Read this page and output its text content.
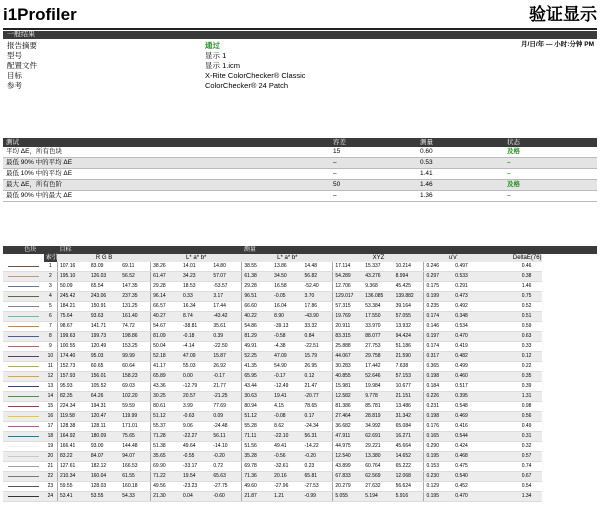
i1Profiler	验证显示
一般结果
月/日/年 — 小时:分钟 PM
报告摘要	通过
型号	显示 1
配置文件	显示 1.icm
目标	X-Rite ColorChecker® Classic
参考	ColorChecker® 24 Patch
测试	容差	测量	状态
平均 ΔE，所有色块	15	0.60	及格
最低 90% 中的平均 ΔE	–	0.53	–
最低 10% 中的平均 ΔE	–	1.41	–
最大 ΔE，所有色阶	50	1.46	及格
最低 90% 中的最大 ΔE	–	1.36	–
色块		目标						测量									
	索引	R G B			L* a* b*			L* a* b*			XYZ			u'v'			DeltaE(76)

	1	107.16	83.09	69.11	38.26	14.01	14.80	38.55	13.86	14.48	17.114	15.337	10.214	0.246	0.497		0.46

	2	195.10	126.03	56.52	61.47	34.23	57.07	61.38	34.50	56.82	54.289	43.276	8.994	0.297	0.533		0.38

	3	50.09	65.54	147.35	29.28	18.53	-53.57	29.28	16.58	-52.40	12.706	9.368	45.425	0.175	0.291		1.46

	4	245.42	243.06	237.35	96.14	0.33	3.17	96.51	-0.05	3.70	129.017	136.085	139.882	0.199	0.473		0.75

	5	184.21	150.91	131.25	66.57	16.34	17.44	66.60	16.04	17.86	57.315	53.384	39.164	0.235	0.492		0.52

	6	75.64	93.63	161.40	40.27	8.74	-43.42	40.22	8.90	-43.90	19.769	17.550	57.055	0.174	0.348		0.51

	7	98.67	141.71	74.72	54.67	-38.81	35.61	54.86	-39.13	33.32	20.911	33.970	13.932	0.146	0.534		0.59

	8	199.63	199.73	198.86	81.09	-0.18	0.39	81.29	-0.58	0.84	83.315	88.077	94.424	0.197	0.470		0.63

	9	100.55	120.49	153.25	50.04	-4.14	-22.50	49.91	-4.38	-22.51	25.888	27.753	51.186	0.174	0.419		0.33

	10	174.40	95.03	99.99	52.18	47.09	15.87	52.25	47.09	15.79	44.067	29.758	21.590	0.317	0.482		0.12

	11	152.73	60.65	60.64	41.17	55.03	26.92	41.35	54.90	26.95	30.283	17.442	7.638	0.365	0.499		0.22

	12	157.93	156.01	158.23	65.89	0.00	-0.17	65.95	-0.17	0.12	40.855	52.646	57.153	0.198	0.460		0.35

	13	95.93	105.52	69.03	43.36	-12.79	21.77	43.44	-12.49	21.47	15.981	19.984	10.677	0.184	0.517		0.39

	14	82.35	64.26	102.20	30.25	20.57	-21.25	30.63	19.41	-20.77	12.582	9.778	21.151	0.226	0.395		1.31

	15	224.34	194.31	59.59	80.61	3.99	77.69	80.94	4.15	78.65	81.386	85.781	13.486	0.231	0.548		0.98

	16	119.58	120.47	119.99	51.12	-0.63	0.09	51.12	-0.08	0.17	27.464	28.819	31.342	0.198	0.469		0.56

	17	128.38	128.11	171.01	55.37	9.06	-24.48	55.28	8.62	-24.34	36.682	34.992	65.084	0.176	0.416		0.49

	18	164.92	180.09	75.65	71.28	-22.27	56.11	71.11	-22.10	56.31	47.911	62.691	16.271	0.165	0.544		0.31

	19	166.41	93.00	144.48	51.38	49.64	-14.10	51.56	49.41	-14.22	44.975	29.221	45.664	0.290	0.424		0.32

	20	83.22	84.07	94.07	35.65	-0.55	-0.20	35.28	-0.56	-0.20	12.540	13.380	14.652	0.195	0.468		0.57

	21	127.61	182.12	166.53	69.90	-33.17	0.72	69.78	-32.61	0.23	43.899	60.764	65.222	0.153	0.475		0.74

	22	210.34	160.04	61.55	71.22	19.54	65.63	71.36	20.16	65.81	67.833	62.569	12.068	0.230	0.540		0.67

	23	59.55	128.03	160.18	49.56	-23.23	-27.75	49.60	-27.96	-27.53	20.279	27.632	56.624	0.129	0.452		0.54

	24	53.41	53.55	54.33	21.30	0.04	-0.60	21.87	1.21	-0.99	5.055	5.194	5.916	0.195	0.470		1.34
